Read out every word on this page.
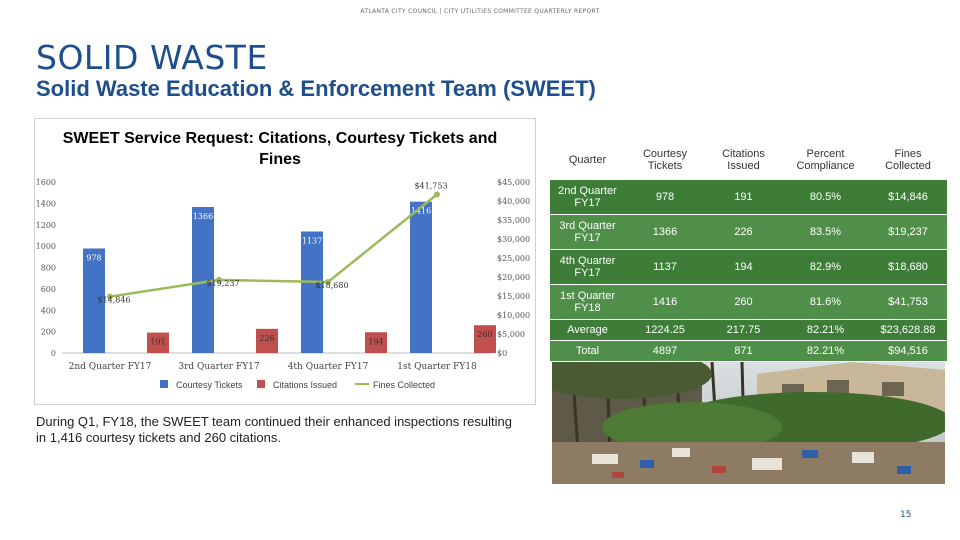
ATLANTA CITY COUNCIL | CITY UTILITIES COMMITTEE QUARTERLY REPORT
SOLID WASTE
Solid Waste Education & Enforcement Team (SWEET)
SWEET Service Request: Citations, Courtesy Tickets and Fines
0
200
400
600
800
1000
1200
1400
1600
$0
$5,000
$10,000
$15,000
$20,000
$25,000
$30,000
$35,000
$40,000
$45,000
978
191
2nd Quarter FY17
1366
226
3rd Quarter FY17
1137
194
4th Quarter FY17
1416
260
1st Quarter FY18
$14,846
$19,237	$18,680
$41,753
Courtesy Tickets	Citations Issued	Fines Collected
Quarter	Courtesy Tickets	Citations Issued	Percent Compliance	Fines Collected
2nd Quarter FY17	978	191	80.5%	$14,846
3rd Quarter FY17	1366	226	83.5%	$19,237
4th Quarter FY17	1137	194	82.9%	$18,680
1st Quarter FY18	1416	260	81.6%	$41,753
Average	1224.25	217.75	82.21%	$23,628.88
Total	4897	871	82.21%	$94,516
During Q1, FY18, the SWEET team continued their enhanced inspections resulting in 1,416 courtesy tickets and 260 citations.
15
